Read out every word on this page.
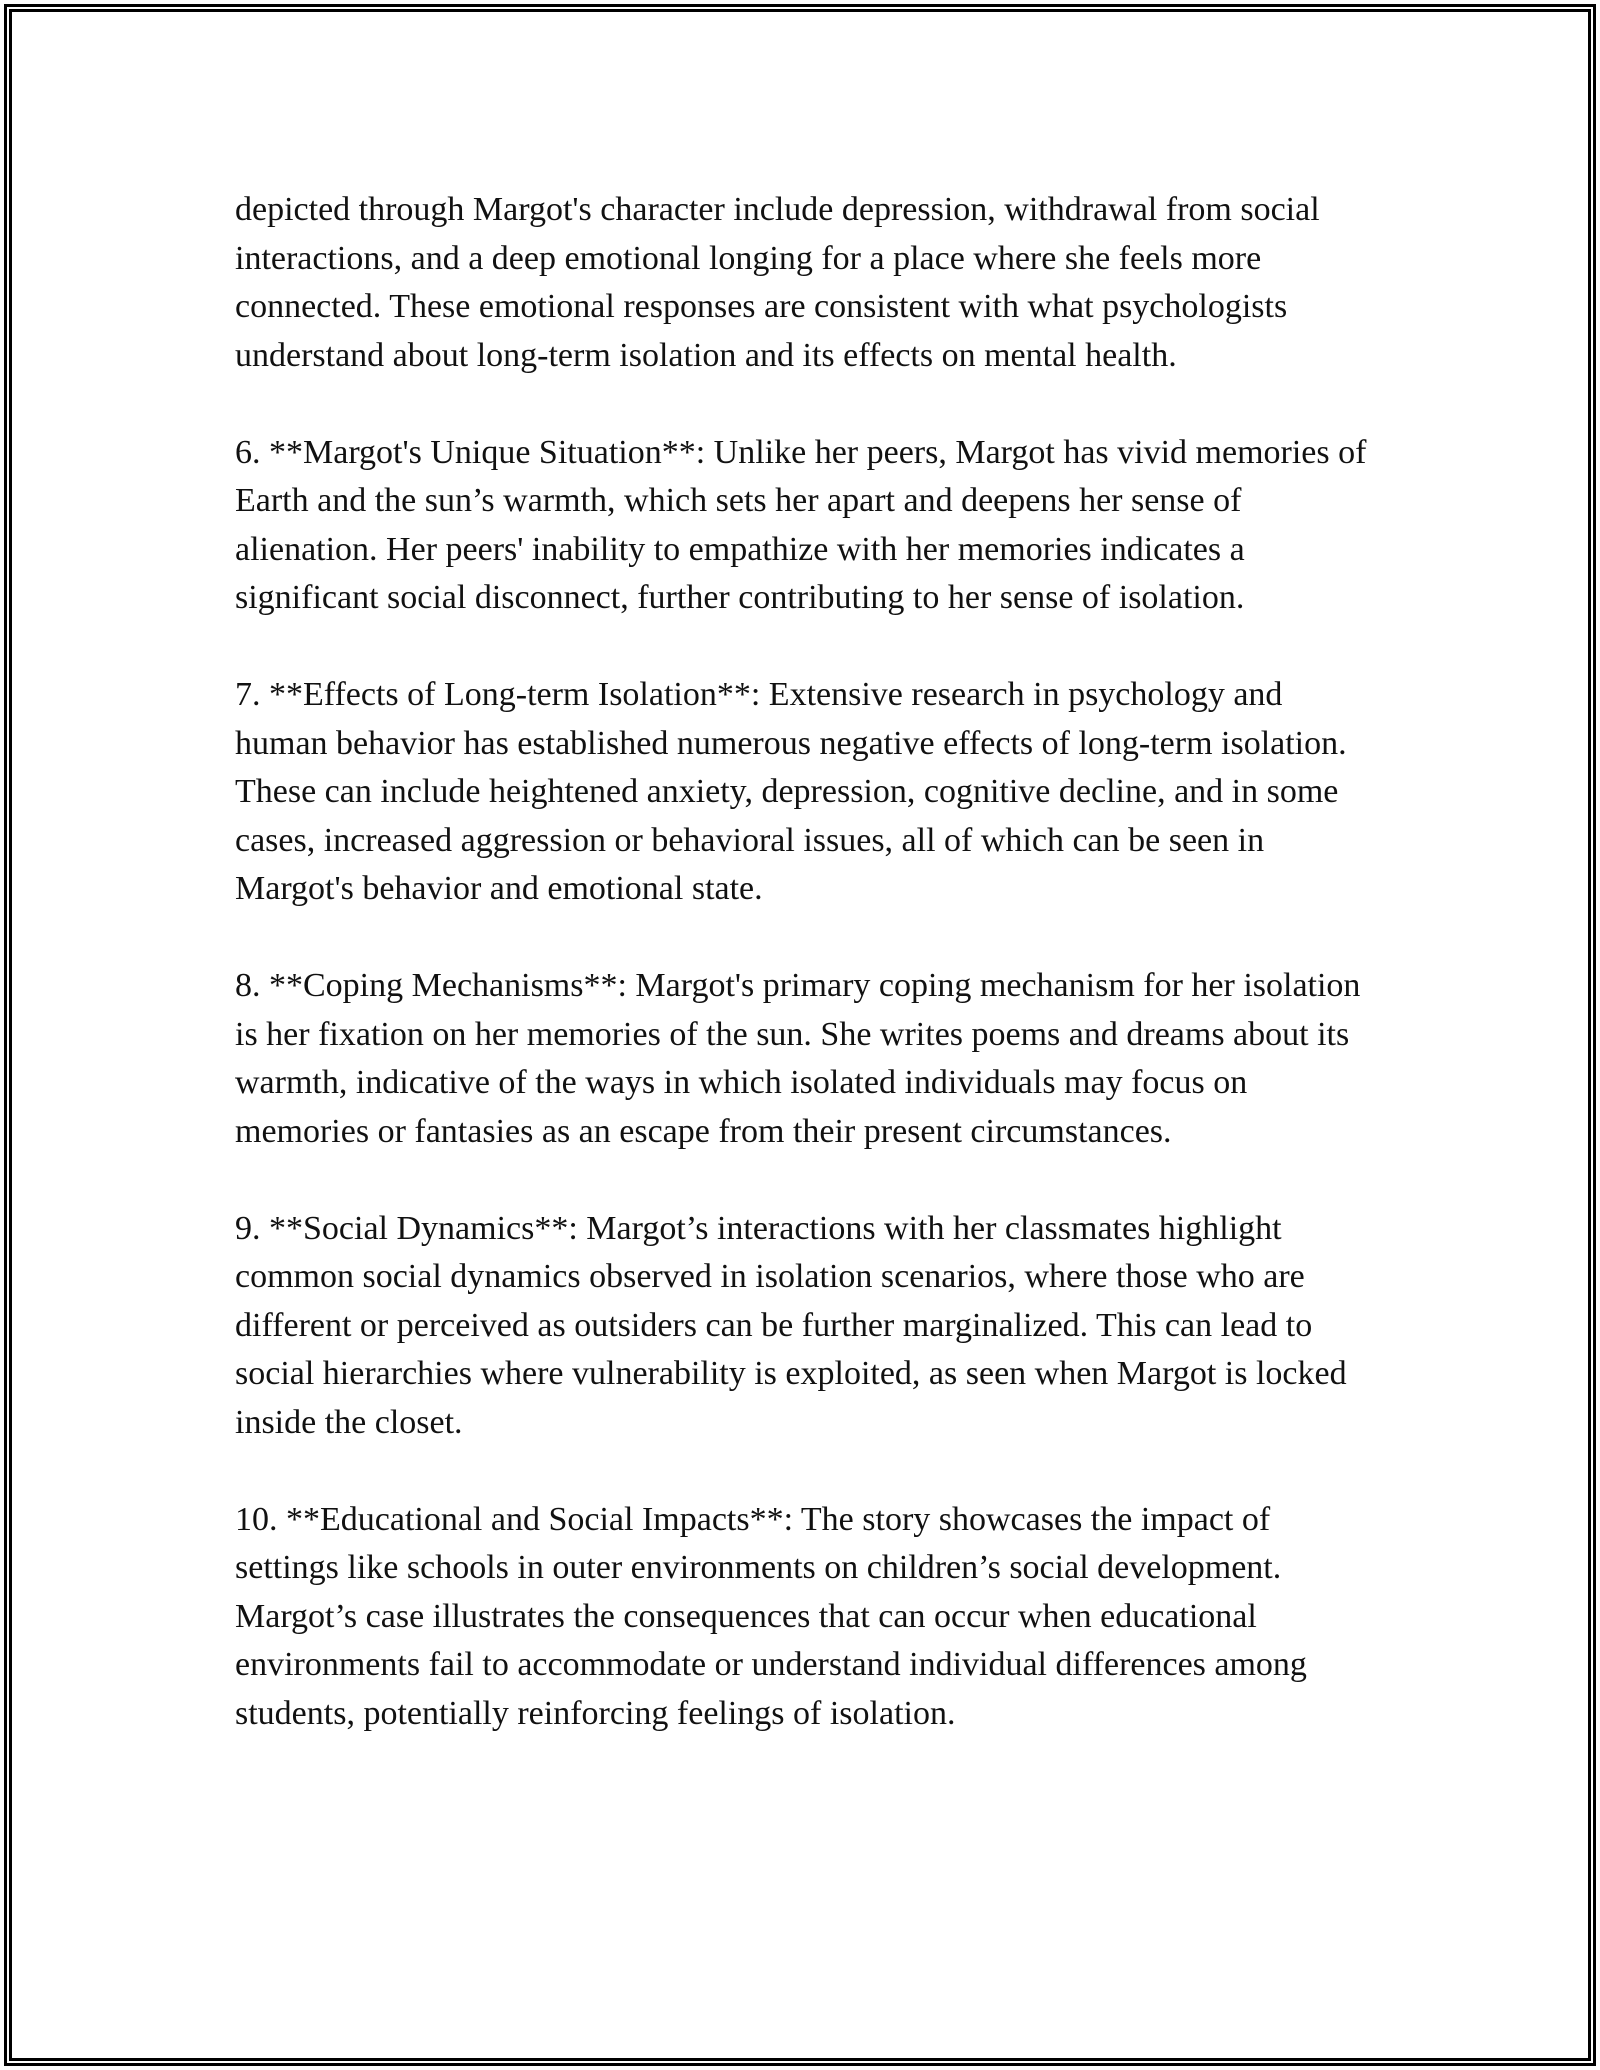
depicted through Margot's character include depression, withdrawal from social interactions, and a deep emotional longing for a place where she feels more connected. These emotional responses are consistent with what psychologists understand about long-term isolation and its effects on mental health.

6. **Margot's Unique Situation**: Unlike her peers, Margot has vivid memories of Earth and the sun’s warmth, which sets her apart and deepens her sense of alienation. Her peers' inability to empathize with her memories indicates a significant social disconnect, further contributing to her sense of isolation.

7. **Effects of Long-term Isolation**: Extensive research in psychology and human behavior has established numerous negative effects of long-term isolation. These can include heightened anxiety, depression, cognitive decline, and in some cases, increased aggression or behavioral issues, all of which can be seen in Margot's behavior and emotional state.

8. **Coping Mechanisms**: Margot's primary coping mechanism for her isolation is her fixation on her memories of the sun. She writes poems and dreams about its warmth, indicative of the ways in which isolated individuals may focus on memories or fantasies as an escape from their present circumstances.

9. **Social Dynamics**: Margot’s interactions with her classmates highlight common social dynamics observed in isolation scenarios, where those who are different or perceived as outsiders can be further marginalized. This can lead to social hierarchies where vulnerability is exploited, as seen when Margot is locked inside the closet.

10. **Educational and Social Impacts**: The story showcases the impact of settings like schools in outer environments on children’s social development. Margot’s case illustrates the consequences that can occur when educational environments fail to accommodate or understand individual differences among students, potentially reinforcing feelings of isolation.
